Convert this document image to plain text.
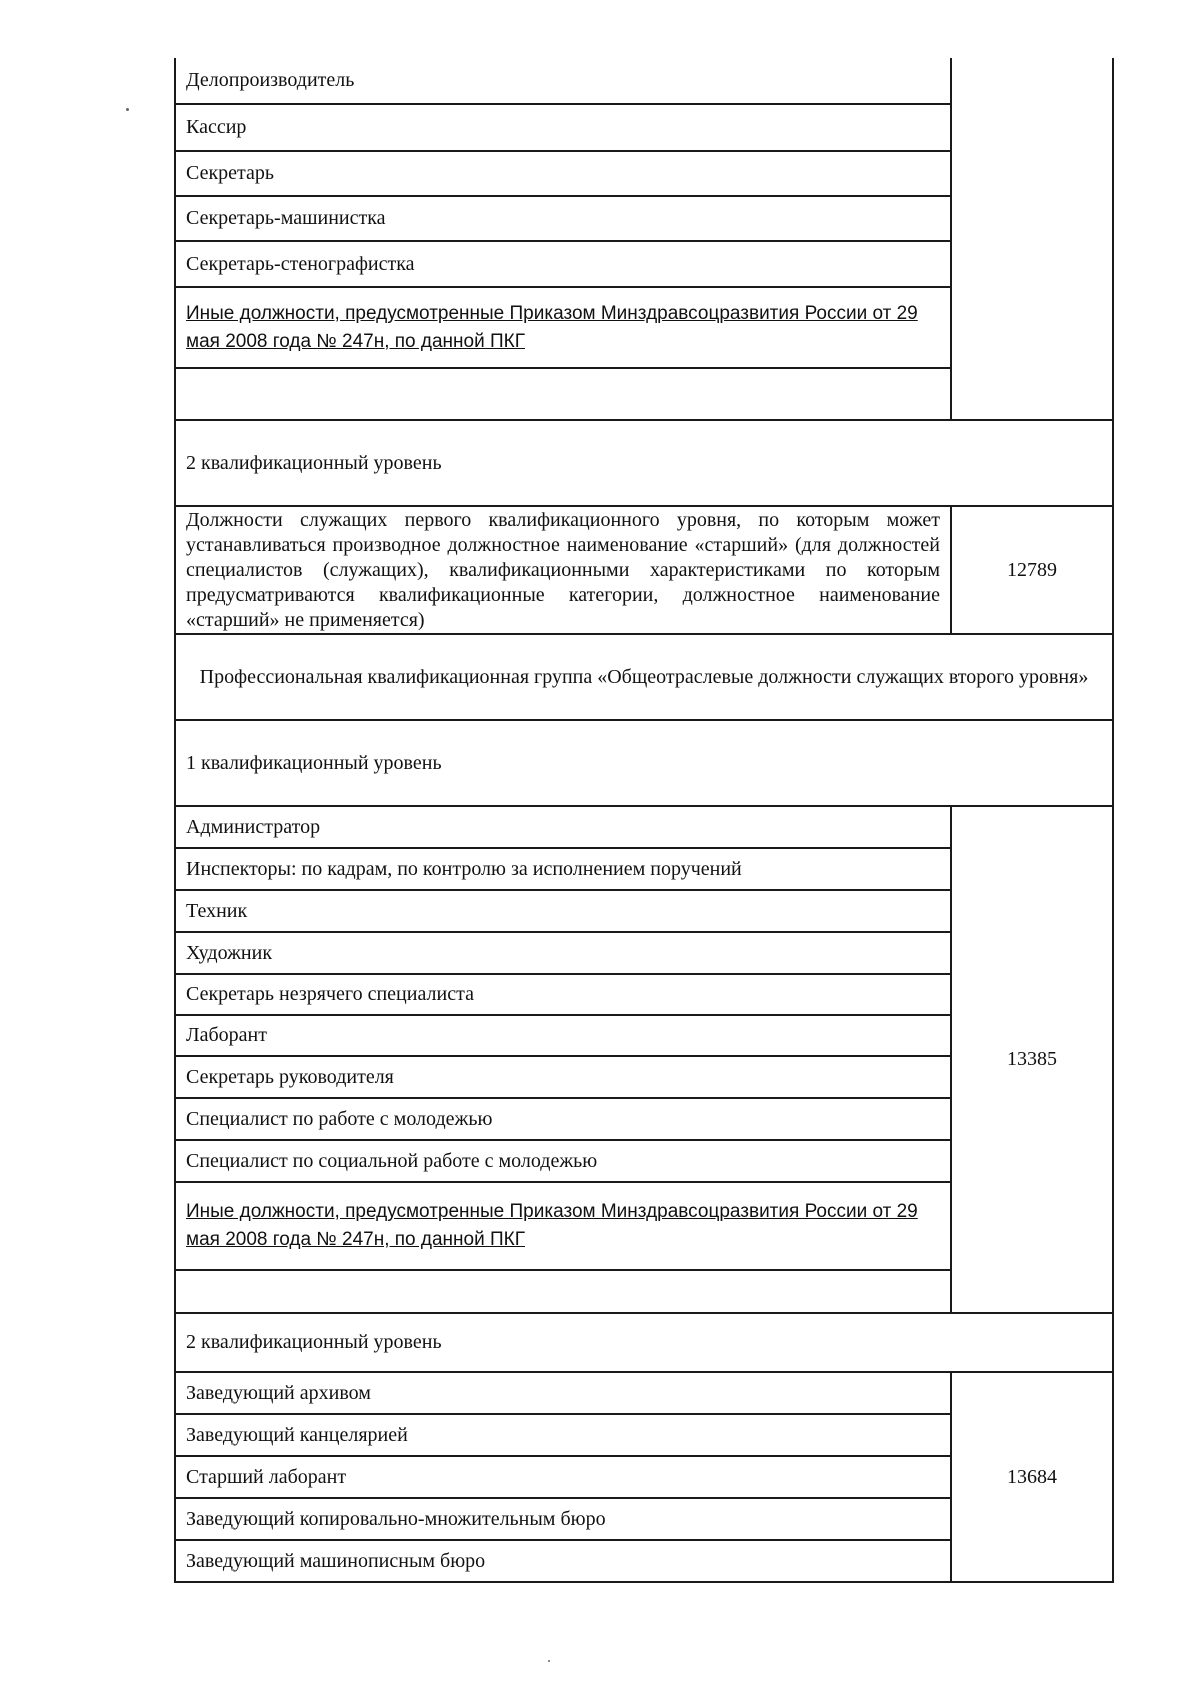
Делопроизводитель	
Кассир	
Секретарь	
Секретарь-машинистка	
Секретарь-стенографистка	

Иные должности, предусмотренные Приказом Минздравсоцразвития России от 29 мая 2008 года № 247н, по данной ПКГ	

2 квалификационный уровень	
Должности служащих первого квалификационного уровня, по которым может устанавливаться производное должностное наименование «старший» (для должностей специалистов (служащих), квалификационными характеристиками по которым предусматриваются квалификационные категории, должностное наименование «старший» не применяется)	12789
Профессиональная квалификационная группа «Общеотраслевые должности служащих второго уровня»	
1 квалификационный уровень	
Администратор	13385
Инспекторы: по кадрам, по контролю за исполнением поручений	
Техник	
Художник	
Секретарь незрячего специалиста	
Лаборант	
Секретарь руководителя	
Специалист по работе с молодежью	
Специалист по социальной работе с молодежью	

Иные должности, предусмотренные Приказом Минздравсоцразвития России от 29 мая 2008 года № 247н, по данной ПКГ	

2 квалификационный уровень	
Заведующий архивом	13684
Заведующий канцелярией	
Старший лаборант	
Заведующий копировально-множительным бюро	
Заведующий машинописным бюро	
